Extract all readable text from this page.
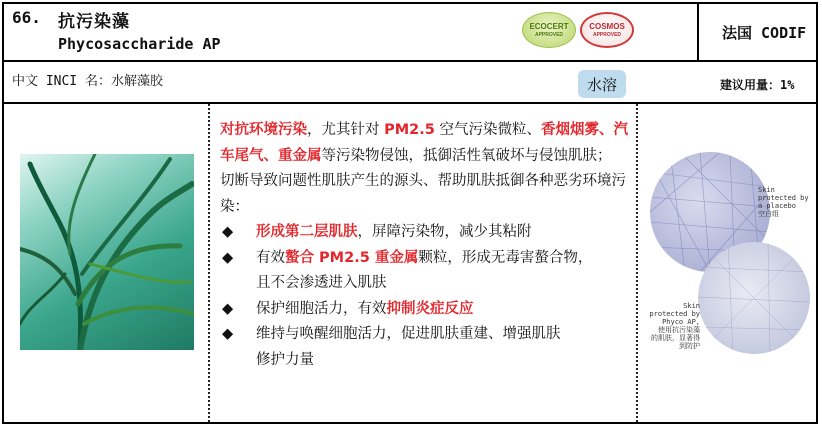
66. 抗污染藻
Phycosaccharide AP
ECOCERT
APPROVED
COSMOS
APPROVED	法国 CODIF
中文 INCI 名：水解藻胶	水溶	建议用量：1%

对抗环境污染，尤其针对 PM2.5 空气污染微粒、香烟烟雾、汽车尾气、重金属等污染物侵蚀，抵御活性氧破坏与侵蚀肌肤；

切断导致问题性肌肤产生的源头、帮助肌肤抵御各种恶劣环境污染：

◆ 形成第二层肌肤，屏障污染物，减少其粘附
◆ 有效螯合 PM2.5 重金属颗粒，形成无毒害螯合物，
且不会渗透进入肌肤
◆ 保护细胞活力，有效抑制炎症反应
◆ 维持与唤醒细胞活力，促进肌肤重建、增强肌肤
修护力量
Skin
protected by
a placebo
空白组
Skin
protected by
Phyco AP,
使用抗污染藻
的肌肤，显著得
到防护
